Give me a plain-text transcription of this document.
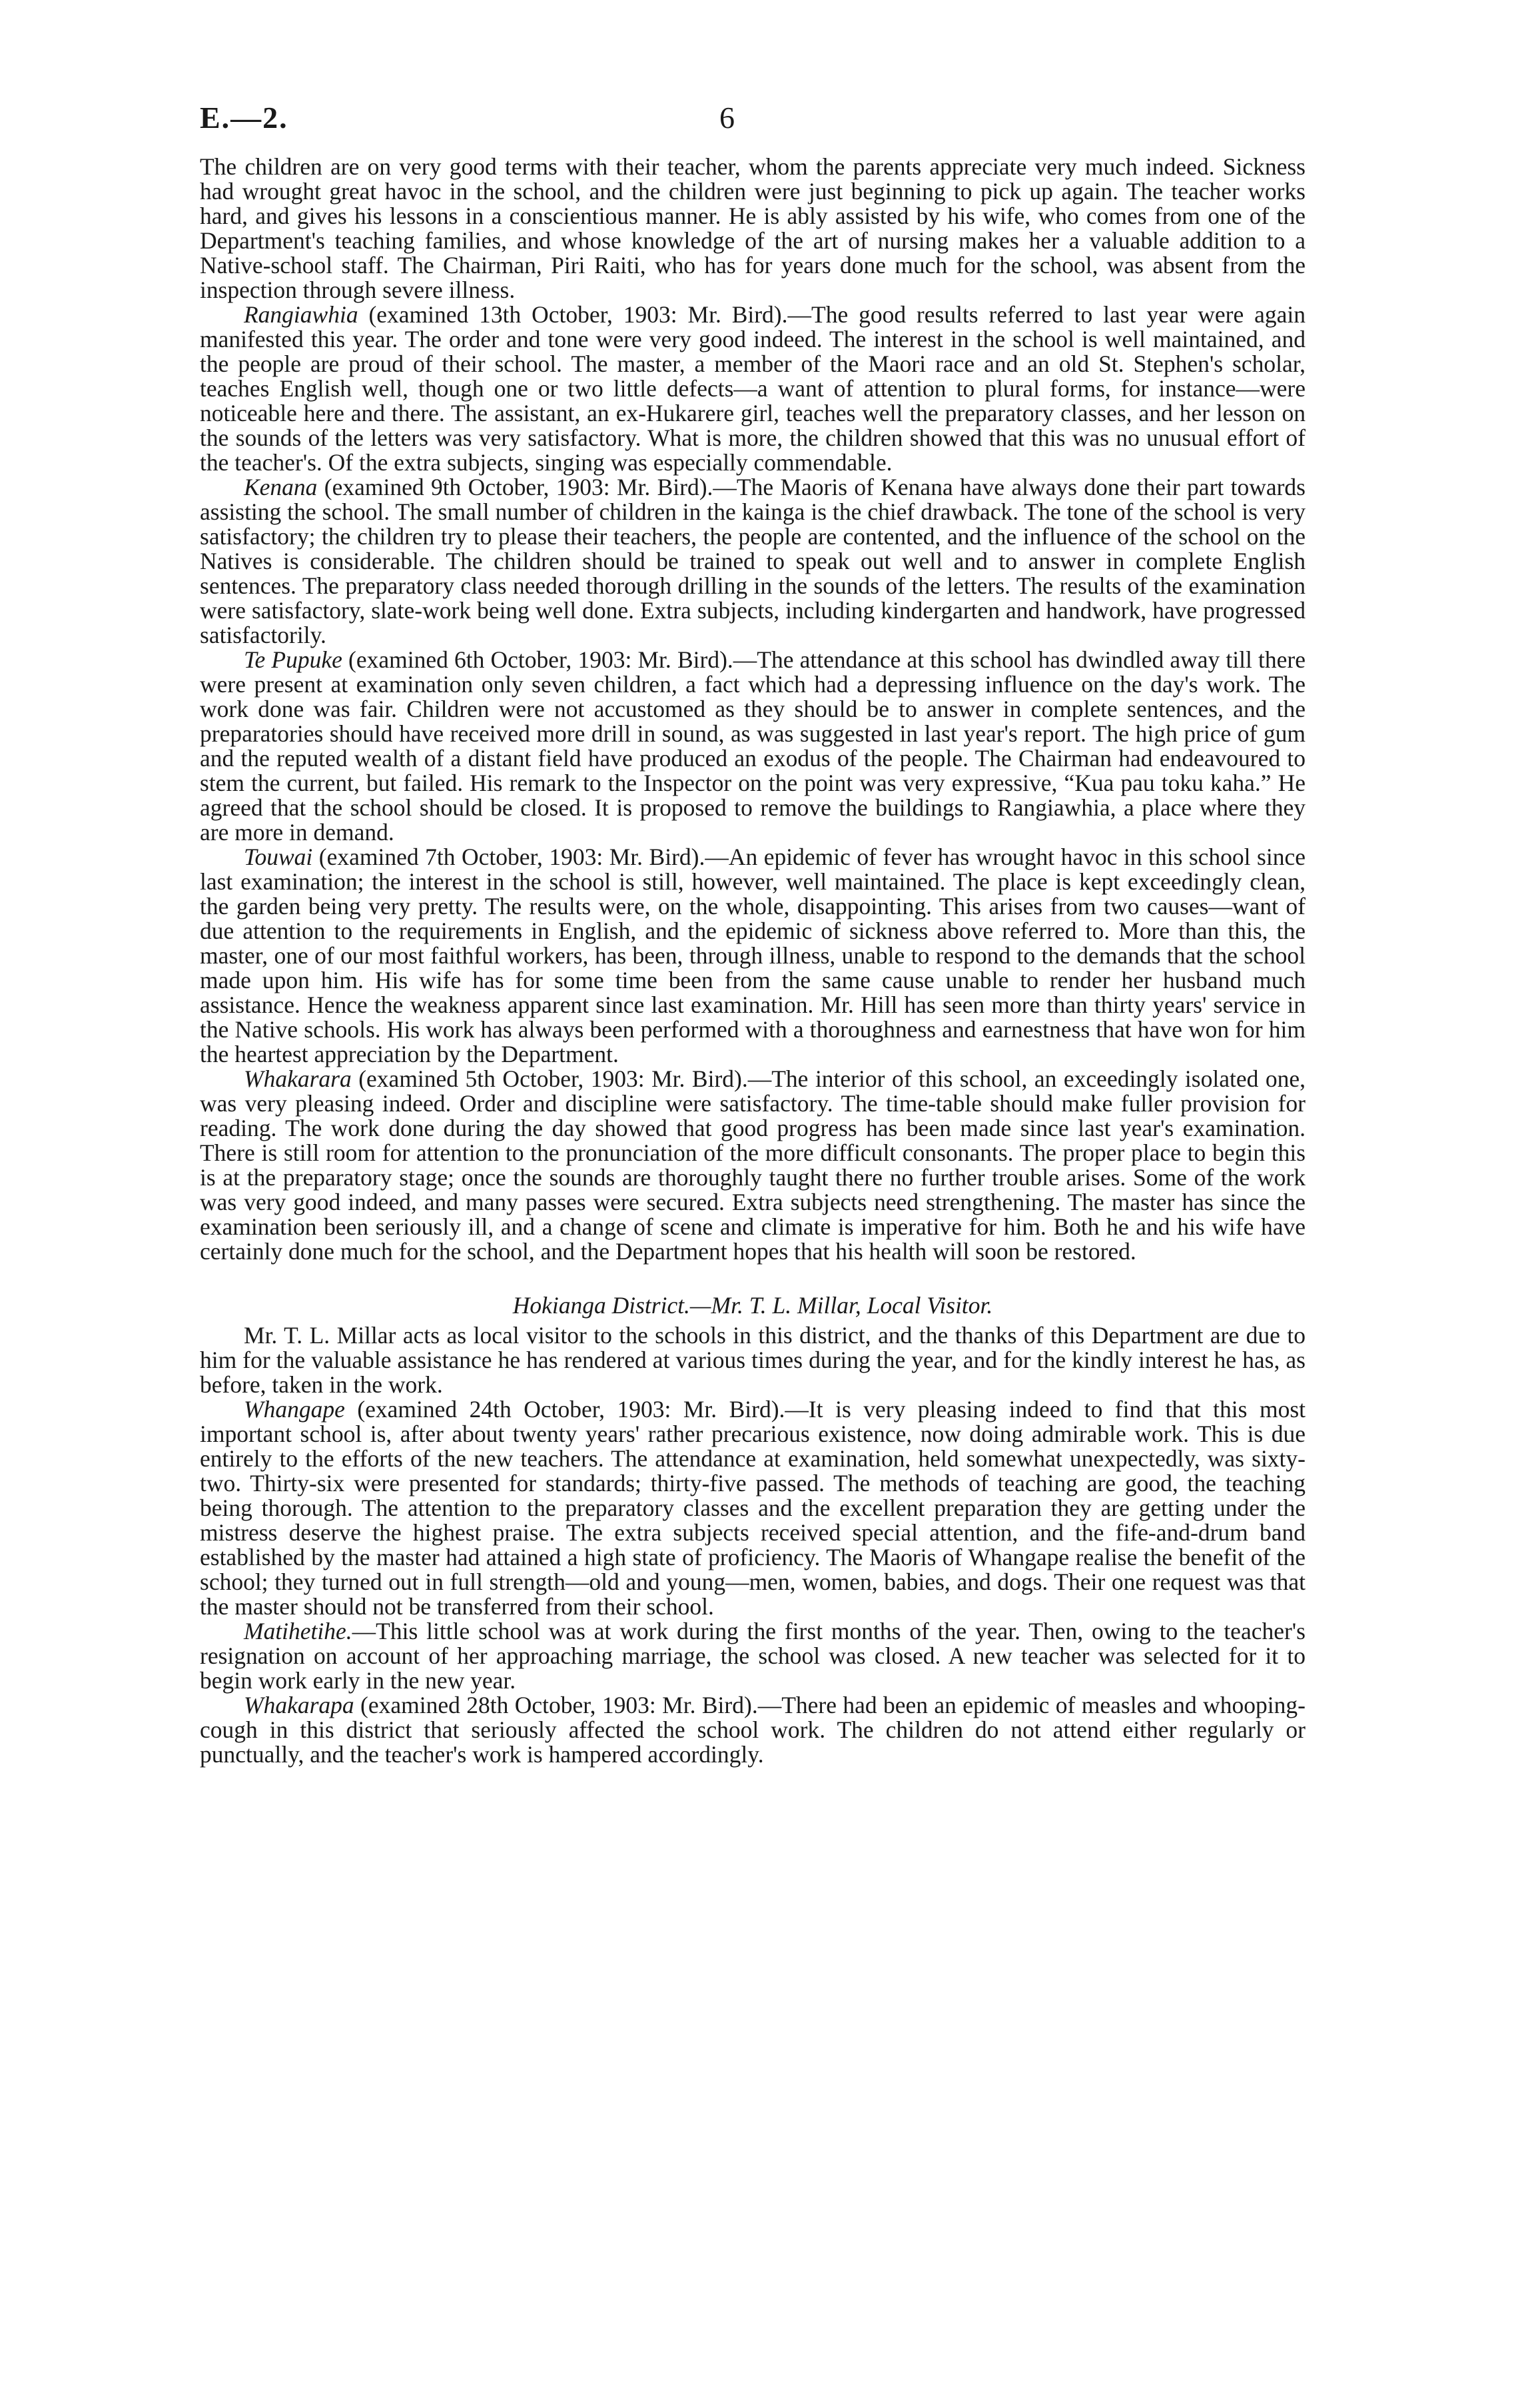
E.—2.	6

The children are on very good terms with their teacher, whom the parents appreciate very much indeed. Sickness had wrought great havoc in the school, and the children were just beginning to pick up again. The teacher works hard, and gives his lessons in a conscientious manner. He is ably assisted by his wife, who comes from one of the Department's teaching families, and whose knowledge of the art of nursing makes her a valuable addition to a Native-school staff. The Chairman, Piri Raiti, who has for years done much for the school, was absent from the inspection through severe illness.

Rangiawhia (examined 13th October, 1903: Mr. Bird).—The good results referred to last year were again manifested this year. The order and tone were very good indeed. The interest in the school is well maintained, and the people are proud of their school. The master, a member of the Maori race and an old St. Stephen's scholar, teaches English well, though one or two little defects—a want of attention to plural forms, for instance—were noticeable here and there. The assistant, an ex-Hukarere girl, teaches well the preparatory classes, and her lesson on the sounds of the letters was very satisfactory. What is more, the children showed that this was no unusual effort of the teacher's. Of the extra subjects, singing was especially commendable.

Kenana (examined 9th October, 1903: Mr. Bird).—The Maoris of Kenana have always done their part towards assisting the school. The small number of children in the kainga is the chief drawback. The tone of the school is very satisfactory; the children try to please their teachers, the people are contented, and the influence of the school on the Natives is considerable. The children should be trained to speak out well and to answer in complete English sentences. The preparatory class needed thorough drilling in the sounds of the letters. The results of the examination were satisfactory, slate-work being well done. Extra subjects, including kindergarten and handwork, have progressed satisfactorily.

Te Pupuke (examined 6th October, 1903: Mr. Bird).—The attendance at this school has dwindled away till there were present at examination only seven children, a fact which had a depressing influence on the day's work. The work done was fair. Children were not accustomed as they should be to answer in complete sentences, and the preparatories should have received more drill in sound, as was suggested in last year's report. The high price of gum and the reputed wealth of a distant field have produced an exodus of the people. The Chairman had endeavoured to stem the current, but failed. His remark to the Inspector on the point was very expressive, “Kua pau toku kaha.” He agreed that the school should be closed. It is proposed to remove the buildings to Rangiawhia, a place where they are more in demand.

Touwai (examined 7th October, 1903: Mr. Bird).—An epidemic of fever has wrought havoc in this school since last examination; the interest in the school is still, however, well maintained. The place is kept exceedingly clean, the garden being very pretty. The results were, on the whole, disappointing. This arises from two causes—want of due attention to the requirements in English, and the epidemic of sickness above referred to. More than this, the master, one of our most faithful workers, has been, through illness, unable to respond to the demands that the school made upon him. His wife has for some time been from the same cause unable to render her husband much assistance. Hence the weakness apparent since last examination. Mr. Hill has seen more than thirty years' service in the Native schools. His work has always been performed with a thoroughness and earnestness that have won for him the heartest appreciation by the Department.

Whakarara (examined 5th October, 1903: Mr. Bird).—The interior of this school, an exceedingly isolated one, was very pleasing indeed. Order and discipline were satisfactory. The time-table should make fuller provision for reading. The work done during the day showed that good progress has been made since last year's examination. There is still room for attention to the pronunciation of the more difficult consonants. The proper place to begin this is at the preparatory stage; once the sounds are thoroughly taught there no further trouble arises. Some of the work was very good indeed, and many passes were secured. Extra subjects need strengthening. The master has since the examination been seriously ill, and a change of scene and climate is imperative for him. Both he and his wife have certainly done much for the school, and the Department hopes that his health will soon be restored.

Hokianga District.—Mr. T. L. Millar, Local Visitor.

Mr. T. L. Millar acts as local visitor to the schools in this district, and the thanks of this Department are due to him for the valuable assistance he has rendered at various times during the year, and for the kindly interest he has, as before, taken in the work.

Whangape (examined 24th October, 1903: Mr. Bird).—It is very pleasing indeed to find that this most important school is, after about twenty years' rather precarious existence, now doing admirable work. This is due entirely to the efforts of the new teachers. The attendance at examination, held somewhat unexpectedly, was sixty-two. Thirty-six were presented for standards; thirty-five passed. The methods of teaching are good, the teaching being thorough. The attention to the preparatory classes and the excellent preparation they are getting under the mistress deserve the highest praise. The extra subjects received special attention, and the fife-and-drum band established by the master had attained a high state of proficiency. The Maoris of Whangape realise the benefit of the school; they turned out in full strength—old and young—men, women, babies, and dogs. Their one request was that the master should not be transferred from their school.

Matihetihe.—This little school was at work during the first months of the year. Then, owing to the teacher's resignation on account of her approaching marriage, the school was closed. A new teacher was selected for it to begin work early in the new year.

Whakarapa (examined 28th October, 1903: Mr. Bird).—There had been an epidemic of measles and whooping-cough in this district that seriously affected the school work. The children do not attend either regularly or punctually, and the teacher's work is hampered accordingly.
